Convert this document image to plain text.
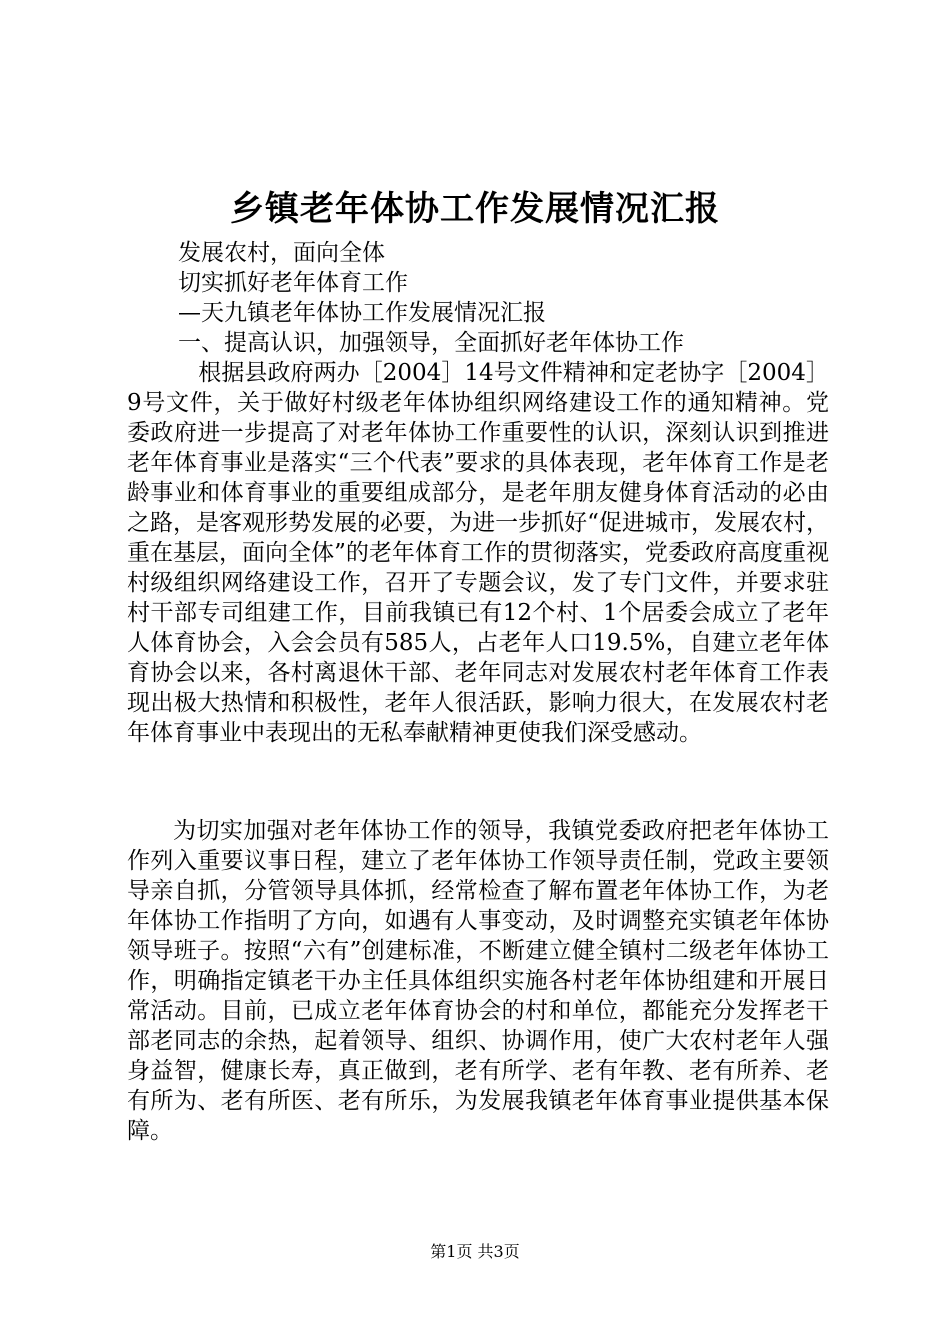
乡镇老年体协工作发展情况汇报
发展农村，面向全体
切实抓好老年体育工作
—天九镇老年体协工作发展情况汇报
一、提高认识，加强领导，全面抓好老年体协工作

根据县政府两办［2004］14号文件精神和定老协字［2004］9号文件，关于做好村级老年体协组织网络建设工作的通知精神。党委政府进一步提高了对老年体协工作重要性的认识，深刻认识到推进老年体育事业是落实“三个代表”要求的具体表现，老年体育工作是老龄事业和体育事业的重要组成部分，是老年朋友健身体育活动的必由之路，是客观形势发展的必要，为进一步抓好“促进城市，发展农村，重在基层，面向全体”的老年体育工作的贯彻落实，党委政府高度重视村级组织网络建设工作，召开了专题会议，发了专门文件，并要求驻村干部专司组建工作，目前我镇已有12个村、1个居委会成立了老年人体育协会，入会会员有585人，占老年人口19.5%，自建立老年体育协会以来，各村离退休干部、老年同志对发展农村老年体育工作表现出极大热情和积极性，老年人很活跃，影响力很大，在发展农村老年体育事业中表现出的无私奉献精神更使我们深受感动。

为切实加强对老年体协工作的领导，我镇党委政府把老年体协工作列入重要议事日程，建立了老年体协工作领导责任制，党政主要领导亲自抓，分管领导具体抓，经常检查了解布置老年体协工作，为老年体协工作指明了方向，如遇有人事变动，及时调整充实镇老年体协领导班子。按照“六有”创建标准，不断建立健全镇村二级老年体协工作，明确指定镇老干办主任具体组织实施各村老年体协组建和开展日常活动。目前，已成立老年体育协会的村和单位，都能充分发挥老干部老同志的余热，起着领导、组织、协调作用，使广大农村老年人强身益智，健康长寿，真正做到，老有所学、老有年教、老有所养、老有所为、老有所医、老有所乐，为发展我镇老年体育事业提供基本保障。

第1页 共3页
